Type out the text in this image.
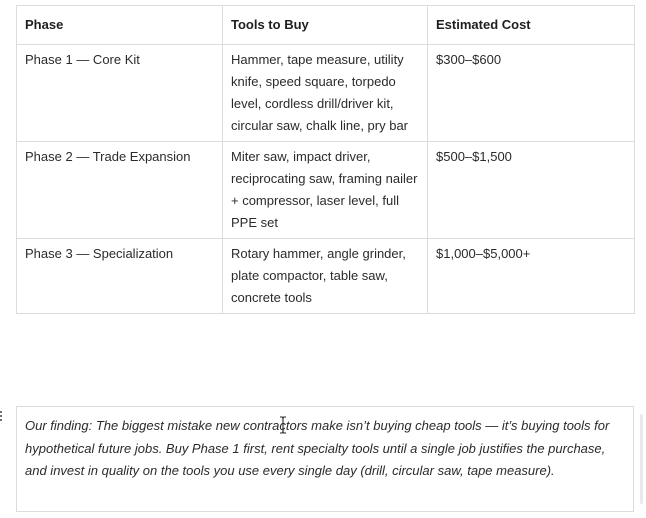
Phase	Tools to Buy	Estimated Cost
Phase 1 — Core Kit	Hammer, tape measure, utility knife, speed square, torpedo level, cordless drill/driver kit, circular saw, chalk line, pry bar	$300–$600
Phase 2 — Trade Expansion	Miter saw, impact driver, reciprocating saw, framing nailer + compressor, laser level, full PPE set	$500–$1,500
Phase 3 — Specialization	Rotary hammer, angle grinder, plate compactor, table saw, concrete tools	$1,000–$5,000+
Our finding: The biggest mistake new contractors make isn’t buying cheap tools — it’s buying tools for hypothetical future jobs. Buy Phase 1 first, rent specialty tools until a single job justifies the purchase, and invest in quality on the tools you use every single day (drill, circular saw, tape measure).
